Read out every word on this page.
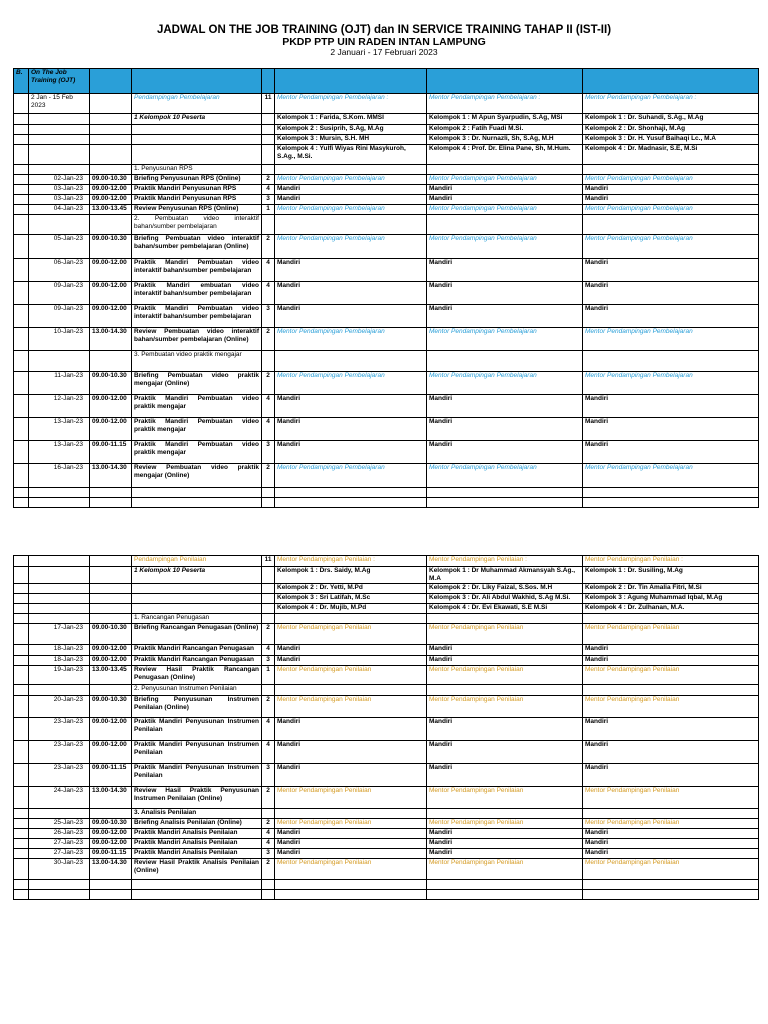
JADWAL ON THE JOB TRAINING (OJT) dan IN SERVICE TRAINING TAHAP II (IST-II)
PKDP PTP UIN RADEN INTAN LAMPUNG
2 Januari - 17 Februari 2023
B.	On The Job Training (OJT)						
	2 Jan - 15 Feb 2023		Pendampingan Pembelajaran	11	Mentor Pendampingan Pembelajaran :	Mentor Pendampingan Pembelajaran :	Mentor Pendampingan Pembelajaran :
			1 Kelompok 10 Peserta		Kelompok 1 : Farida, S.Kom. MMSI	Kelompok 1 : M Apun Syarpudin, S.Ag, MSi	Kelompok 1 : Dr. Suhandi, S.Ag., M.Ag
					Kelompok 2 : Susiprih, S.Ag, M.Ag	Kelompok 2 : Fatih Fuadi M.Si.	Kelompok 2 : Dr. Shonhaji, M.Ag
					Kelompok 3 : Mursin, S.H. MH	Kelompok 3 : Dr. Nurnazli, Sh, S.Ag, M.H	Kelompok 3 : Dr. H. Yusuf Baihaqi Lc., M.A
					Kelompok 4 : Yulfi Wiyas Rini Masykuroh, S.Ag., M.Si.	Kelompok 4 : Prof. Dr. Elina Pane, Sh, M.Hum.	Kelompok 4 : Dr. Madnasir, S.E, M.Si
			1. Penyusunan RPS				
	02-Jan-23	09.00-10.30	Briefing Penyusunan RPS (Online)	2	Mentor Pendampingan Pembelajaran	Mentor Pendampingan Pembelajaran	Mentor Pendampingan Pembelajaran
	03-Jan-23	09.00-12.00	Praktik Mandiri Penyusunan RPS	4	Mandiri	Mandiri	Mandiri
	03-Jan-23	09.00-12.00	Praktik Mandiri Penyusunan RPS	3	Mandiri	Mandiri	Mandiri
	04-Jan-23	13.00-13.45	Review Penyusunan RPS (Online)	1	Mentor Pendampingan Pembelajaran	Mentor Pendampingan Pembelajaran	Mentor Pendampingan Pembelajaran
			2. Pembuatan video interaktif bahan/sumber pembelajaran				
	05-Jan-23	09.00-10.30	Briefing Pembuatan video interaktif bahan/sumber pembelajaran (Online)	2	Mentor Pendampingan Pembelajaran	Mentor Pendampingan Pembelajaran	Mentor Pendampingan Pembelajaran
	06-Jan-23	09.00-12.00	Praktik Mandiri Pembuatan video interaktif bahan/sumber pembelajaran	4	Mandiri	Mandiri	Mandiri
	09-Jan-23	09.00-12.00	Praktik Mandiri embuatan video interaktif bahan/sumber pembelajaran	4	Mandiri	Mandiri	Mandiri
	09-Jan-23	09.00-12.00	Praktik Mandiri Pembuatan video interaktif bahan/sumber pembelajaran	3	Mandiri	Mandiri	Mandiri
	10-Jan-23	13.00-14.30	Review Pembuatan video interaktif bahan/sumber pembelajaran (Online)	2	Mentor Pendampingan Pembelajaran	Mentor Pendampingan Pembelajaran	Mentor Pendampingan Pembelajaran
			3. Pembuatan video praktik mengajar				
	11-Jan-23	09.00-10.30	Briefing Pembuatan video praktik mengajar (Online)	2	Mentor Pendampingan Pembelajaran	Mentor Pendampingan Pembelajaran	Mentor Pendampingan Pembelajaran
	12-Jan-23	09.00-12.00	Praktik Mandiri Pembuatan video praktik mengajar	4	Mandiri	Mandiri	Mandiri
	13-Jan-23	09.00-12.00	Praktik Mandiri Pembuatan video praktik mengajar	4	Mandiri	Mandiri	Mandiri
	13-Jan-23	09.00-11.15	Praktik Mandiri Pembuatan video praktik mengajar	3	Mandiri	Mandiri	Mandiri
	16-Jan-23	13.00-14.30	Review Pembuatan video praktik mengajar (Online)	2	Mentor Pendampingan Pembelajaran	Mentor Pendampingan Pembelajaran	Mentor Pendampingan Pembelajaran

			Pendampingan Penilaian	11	Mentor Pendampingan Penilaian :	Mentor Pendampingan Penilaian :	Mentor Pendampingan Penilaian :
			1 Kelompok 10 Peserta		Kelompok 1 : Drs. Saidy, M.Ag	Kelompok 1 : Dr Muhammad Akmansyah S.Ag., M.A	Kelompok 1 : Dr. Susiling, M.Ag
					Kelompok 2 : Dr. Yetti, M.Pd	Kelompok 2 : Dr. Liky Faizal, S.Sos. M.H	Kelompok 2 : Dr. Tin Amalia Fitri, M.Si
					Kelompok 3 : Sri Latifah, M.Sc	Kelompok 3 : Dr. Ali Abdul Wakhid, S.Ag M.Si.	Kelompok 3 : Agung Muhammad Iqbal, M.Ag
					Kelompok 4 : Dr. Mujib, M.Pd	Kelompok 4 : Dr. Evi Ekawati, S.E M.Si	Kelompok 4 : Dr. Zulhanan, M.A.
			1. Rancangan Penugasan				
	17-Jan-23	09.00-10.30	Briefing Rancangan Penugasan (Online)	2	Mentor Pendampingan Penilaian	Mentor Pendampingan Penilaian	Mentor Pendampingan Penilaian
	18-Jan-23	09.00-12.00	Praktik Mandiri Rancangan Penugasan	4	Mandiri	Mandiri	Mandiri
	18-Jan-23	09.00-12.00	Praktik Mandiri Rancangan Penugasan	3	Mandiri	Mandiri	Mandiri
	19-Jan-23	13.00-13.45	Review Hasil Praktik Rancangan Penugasan (Online)	1	Mentor Pendampingan Penilaian	Mentor Pendampingan Penilaian	Mentor Pendampingan Penilaian
			2. Penyusunan Instrumen Penilaian				
	20-Jan-23	09.00-10.30	Briefing Penyusunan Instrumen Penilaian (Online)	2	Mentor Pendampingan Penilaian	Mentor Pendampingan Penilaian	Mentor Pendampingan Penilaian
	23-Jan-23	09.00-12.00	Praktik Mandiri Penyusunan Instrumen Penilaian	4	Mandiri	Mandiri	Mandiri
	23-Jan-23	09.00-12.00	Praktik Mandiri Penyusunan Instrumen Penilaian	4	Mandiri	Mandiri	Mandiri
	23-Jan-23	09.00-11.15	Praktik Mandiri Penyusunan Instrumen Penilaian	3	Mandiri	Mandiri	Mandiri
	24-Jan-23	13.00-14.30	Review Hasil Praktik Penyusunan Instrumen Penilaian (Online)	2	Mentor Pendampingan Penilaian	Mentor Pendampingan Penilaian	Mentor Pendampingan Penilaian
			3. Analisis Penilaian				
	25-Jan-23	09.00-10.30	Briefing Analisis Penilaian (Online)	2	Mentor Pendampingan Penilaian	Mentor Pendampingan Penilaian	Mentor Pendampingan Penilaian
	26-Jan-23	09.00-12.00	Praktik Mandiri Analisis Penilaian	4	Mandiri	Mandiri	Mandiri
	27-Jan-23	09.00-12.00	Praktik Mandiri Analisis Penilaian	4	Mandiri	Mandiri	Mandiri
	27-Jan-23	09.00-11.15	Praktik Mandiri Analisis Penilaian	3	Mandiri	Mandiri	Mandiri
	30-Jan-23	13.00-14.30	Review Hasil Praktik Analisis Penilaian (Online)	2	Mentor Pendampingan Penilaian	Mentor Pendampingan Penilaian	Mentor Pendampingan Penilaian
